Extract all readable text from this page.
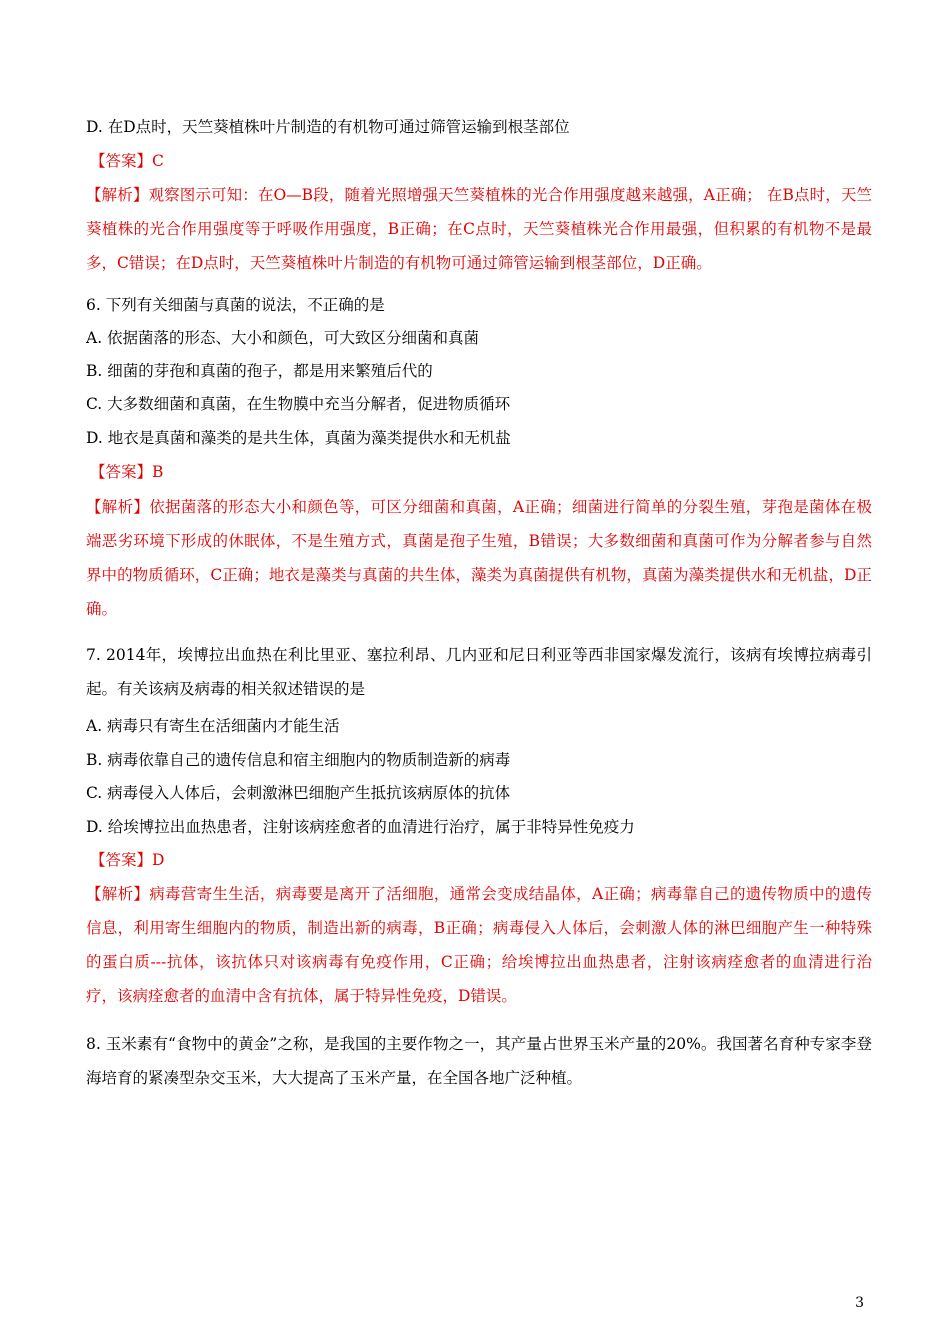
D. 在D点时，天竺葵植株叶片制造的有机物可通过筛管运输到根茎部位
【答案】C
【解析】观察图示可知：在O—B段，随着光照增强天竺葵植株的光合作用强度越来越强，A正确； 在B点时，天竺葵植株的光合作用强度等于呼吸作用强度，B正确；在C点时，天竺葵植株光合作用最强，但积累的有机物不是最多，C错误；在D点时，天竺葵植株叶片制造的有机物可通过筛管运输到根茎部位，D正确。
6. 下列有关细菌与真菌的说法，不正确的是
A. 依据菌落的形态、大小和颜色，可大致区分细菌和真菌
B. 细菌的芽孢和真菌的孢子，都是用来繁殖后代的
C. 大多数细菌和真菌，在生物膜中充当分解者，促进物质循环
D. 地衣是真菌和藻类的是共生体，真菌为藻类提供水和无机盐
【答案】B
【解析】依据菌落的形态大小和颜色等，可区分细菌和真菌，A正确；细菌进行简单的分裂生殖，芽孢是菌体在极端恶劣环境下形成的休眠体，不是生殖方式，真菌是孢子生殖，B错误；大多数细菌和真菌可作为分解者参与自然界中的物质循环，C正确；地衣是藻类与真菌的共生体，藻类为真菌提供有机物，真菌为藻类提供水和无机盐，D正确。
7. 2014年，埃博拉出血热在利比里亚、塞拉利昂、几内亚和尼日利亚等西非国家爆发流行，该病有埃博拉病毒引起。有关该病及病毒的相关叙述错误的是
A. 病毒只有寄生在活细菌内才能生活
B. 病毒依靠自己的遗传信息和宿主细胞内的物质制造新的病毒
C. 病毒侵入人体后，会刺激淋巴细胞产生抵抗该病原体的抗体
D. 给埃博拉出血热患者，注射该病痊愈者的血清进行治疗，属于非特异性免疫力
【答案】D
【解析】病毒营寄生生活，病毒要是离开了活细胞，通常会变成结晶体，A正确；病毒靠自己的遗传物质中的遗传信息，利用寄生细胞内的物质，制造出新的病毒，B正确；病毒侵入人体后，会刺激人体的淋巴细胞产生一种特殊的蛋白质---抗体，该抗体只对该病毒有免疫作用，C正确；给埃博拉出血热患者，注射该病痊愈者的血清进行治疗，该病痊愈者的血清中含有抗体，属于特异性免疫，D错误。
8. 玉米素有“食物中的黄金”之称，是我国的主要作物之一，其产量占世界玉米产量的20%。我国著名育种专家李登海培育的紧凑型杂交玉米，大大提高了玉米产量，在全国各地广泛种植。
3
